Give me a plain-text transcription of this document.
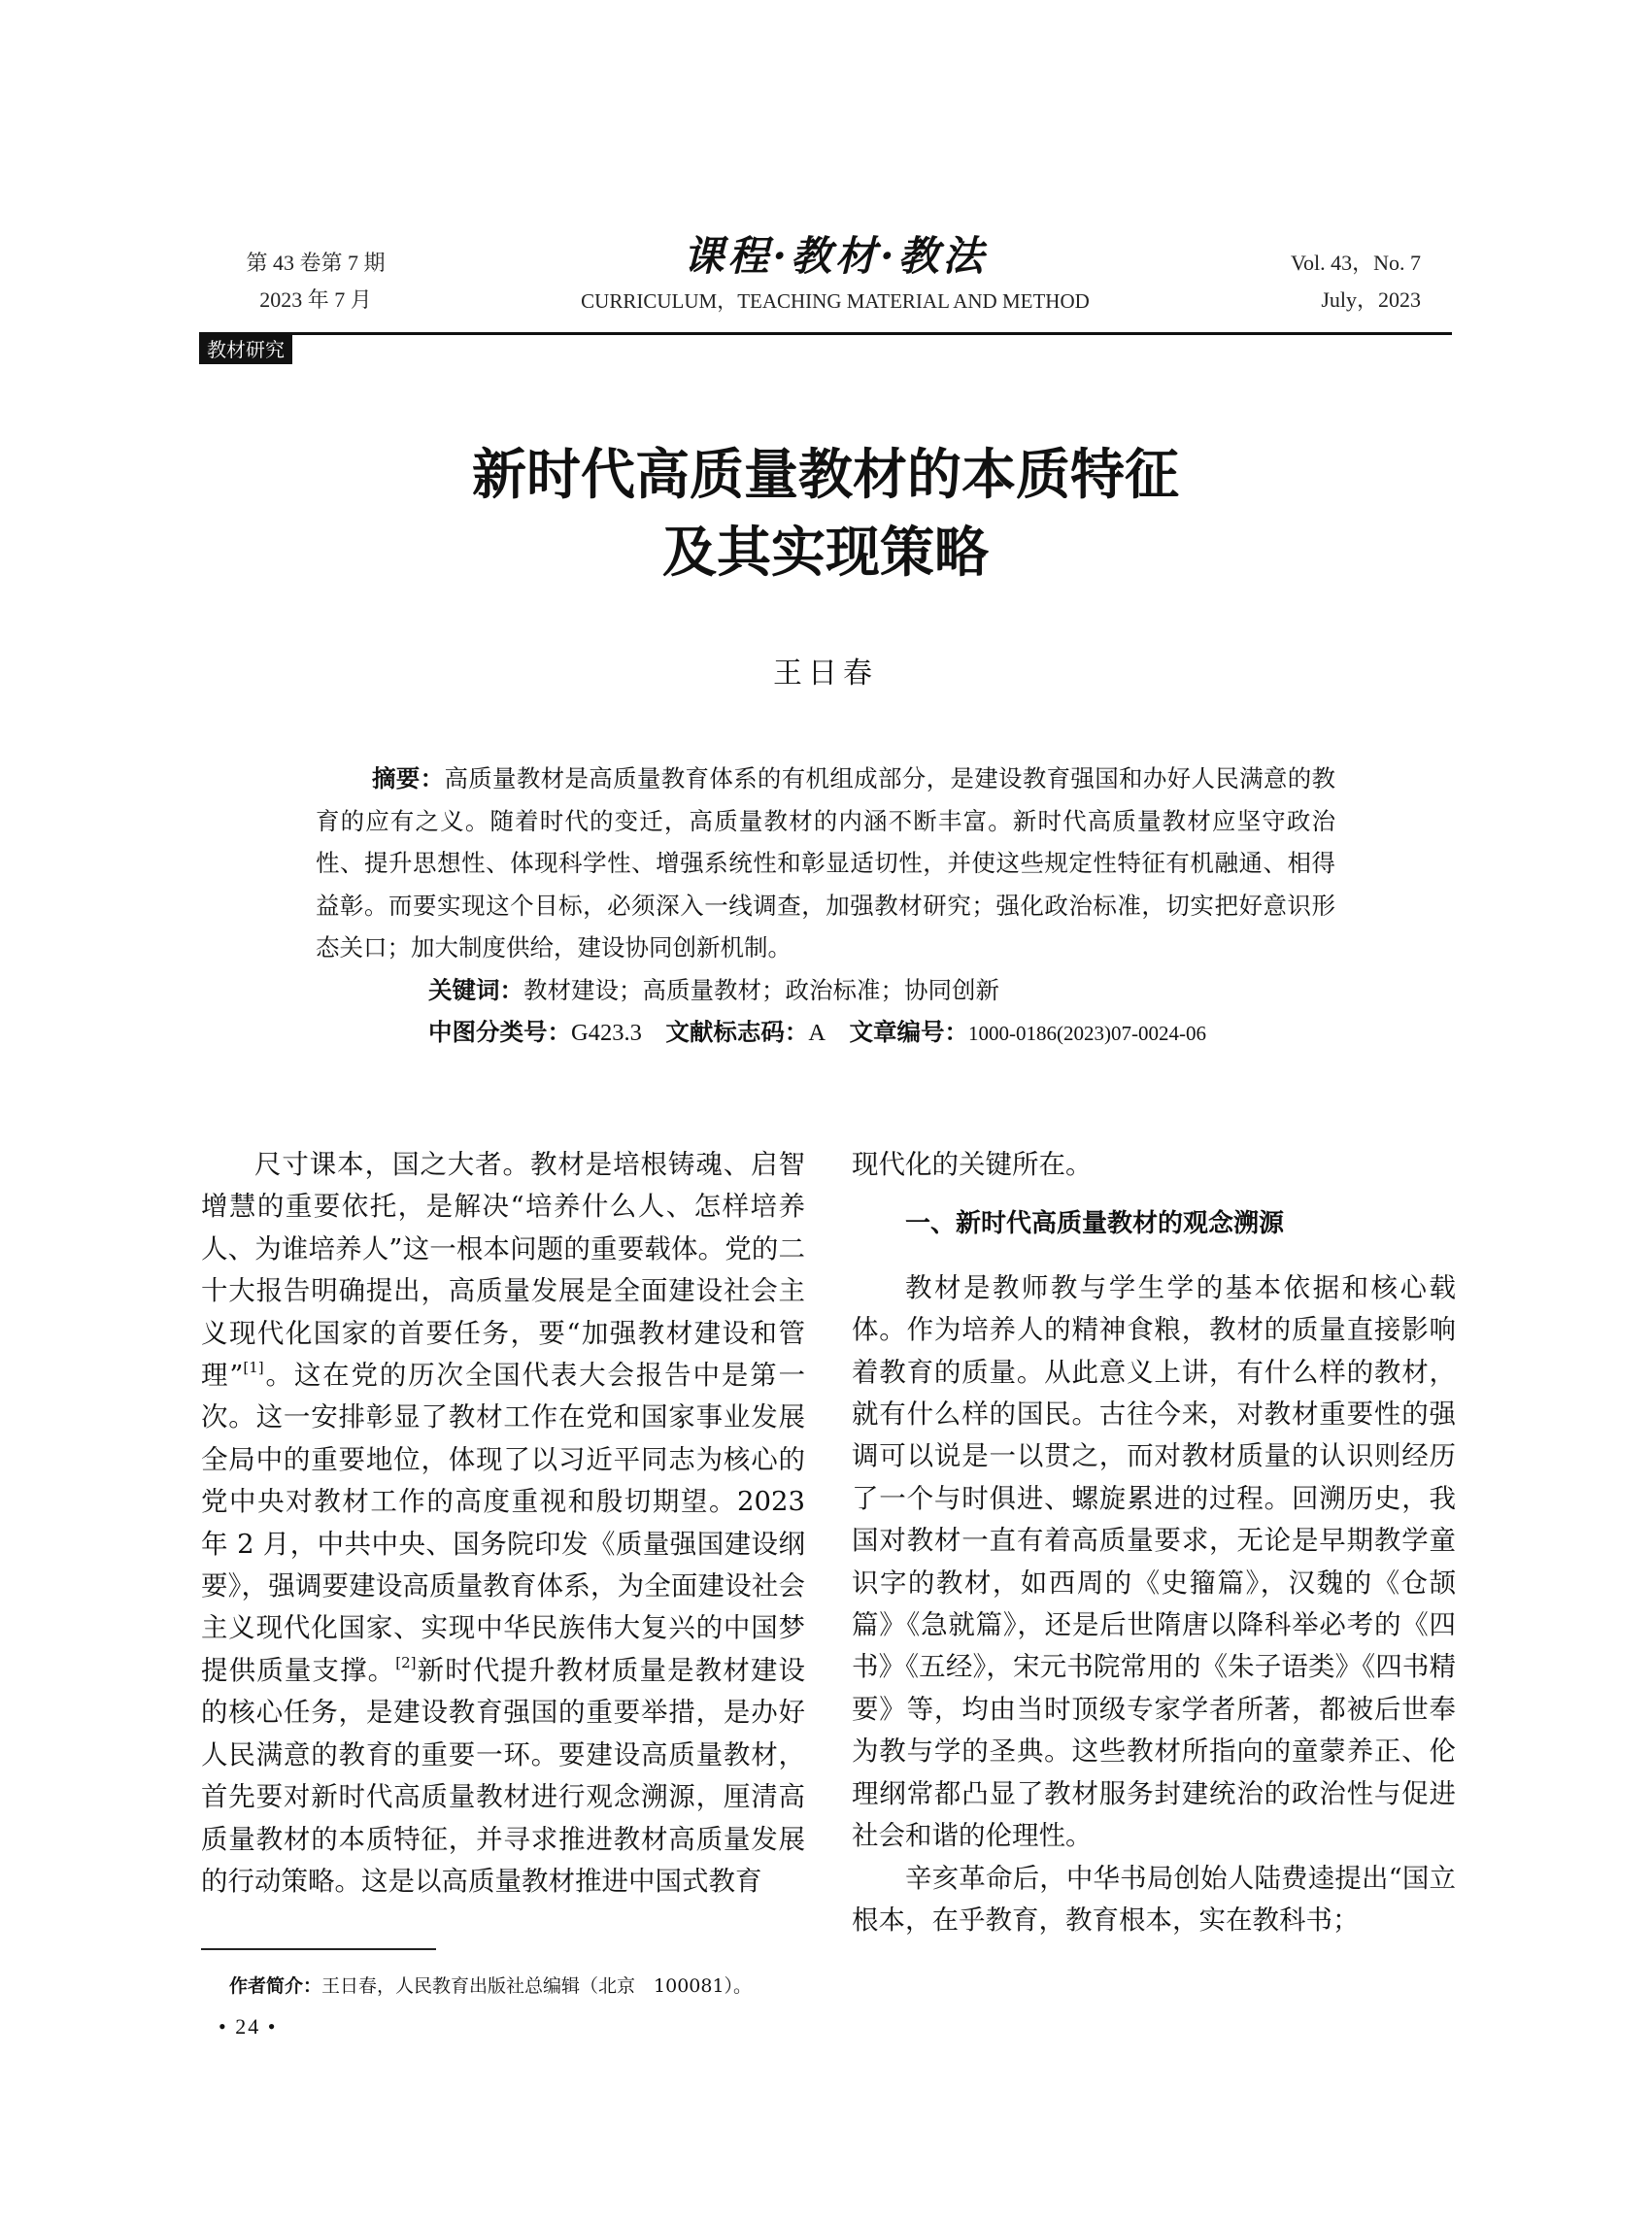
第 43 卷第 7 期
2023 年 7 月
课程·教材·教法
CURRICULUM，TEACHING MATERIAL AND METHOD
Vol. 43，No. 7
July，2023
教材研究
新时代高质量教材的本质特征
及其实现策略
王日春

摘要：高质量教材是高质量教育体系的有机组成部分，是建设教育强国和办好人民满意的教育的应有之义。随着时代的变迁，高质量教材的内涵不断丰富。新时代高质量教材应坚守政治性、提升思想性、体现科学性、增强系统性和彰显适切性，并使这些规定性特征有机融通、相得益彰。而要实现这个目标，必须深入一线调查，加强教材研究；强化政治标准，切实把好意识形态关口；加大制度供给，建设协同创新机制。

关键词：教材建设；高质量教材；政治标准；协同创新

中图分类号：G423.3  文献标志码：A  文章编号：1000-0186(2023)07-0024-06

尺寸课本，国之大者。教材是培根铸魂、启智增慧的重要依托，是解决“培养什么人、怎样培养人、为谁培养人”这一根本问题的重要载体。党的二十大报告明确提出，高质量发展是全面建设社会主义现代化国家的首要任务，要“加强教材建设和管理”[1]。这在党的历次全国代表大会报告中是第一次。这一安排彰显了教材工作在党和国家事业发展全局中的重要地位，体现了以习近平同志为核心的党中央对教材工作的高度重视和殷切期望。2023 年 2 月，中共中央、国务院印发《质量强国建设纲要》，强调要建设高质量教育体系，为全面建设社会主义现代化国家、实现中华民族伟大复兴的中国梦提供质量支撑。[2]新时代提升教材质量是教材建设的核心任务，是建设教育强国的重要举措，是办好人民满意的教育的重要一环。要建设高质量教材，首先要对新时代高质量教材进行观念溯源，厘清高质量教材的本质特征，并寻求推进教材高质量发展的行动策略。这是以高质量教材推进中国式教育

现代化的关键所在。

一、新时代高质量教材的观念溯源

教材是教师教与学生学的基本依据和核心载体。作为培养人的精神食粮，教材的质量直接影响着教育的质量。从此意义上讲，有什么样的教材，就有什么样的国民。古往今来，对教材重要性的强调可以说是一以贯之，而对教材质量的认识则经历了一个与时俱进、螺旋累进的过程。回溯历史，我国对教材一直有着高质量要求，无论是早期教学童识字的教材，如西周的《史籀篇》，汉魏的《仓颉篇》《急就篇》，还是后世隋唐以降科举必考的《四书》《五经》，宋元书院常用的《朱子语类》《四书精要》等，均由当时顶级专家学者所著，都被后世奉为教与学的圣典。这些教材所指向的童蒙养正、伦理纲常都凸显了教材服务封建统治的政治性与促进社会和谐的伦理性。

辛亥革命后，中华书局创始人陆费逵提出“国立根本，在乎教育，教育根本，实在教科书；

作者简介：王日春，人民教育出版社总编辑（北京　100081）。
• 24 •
